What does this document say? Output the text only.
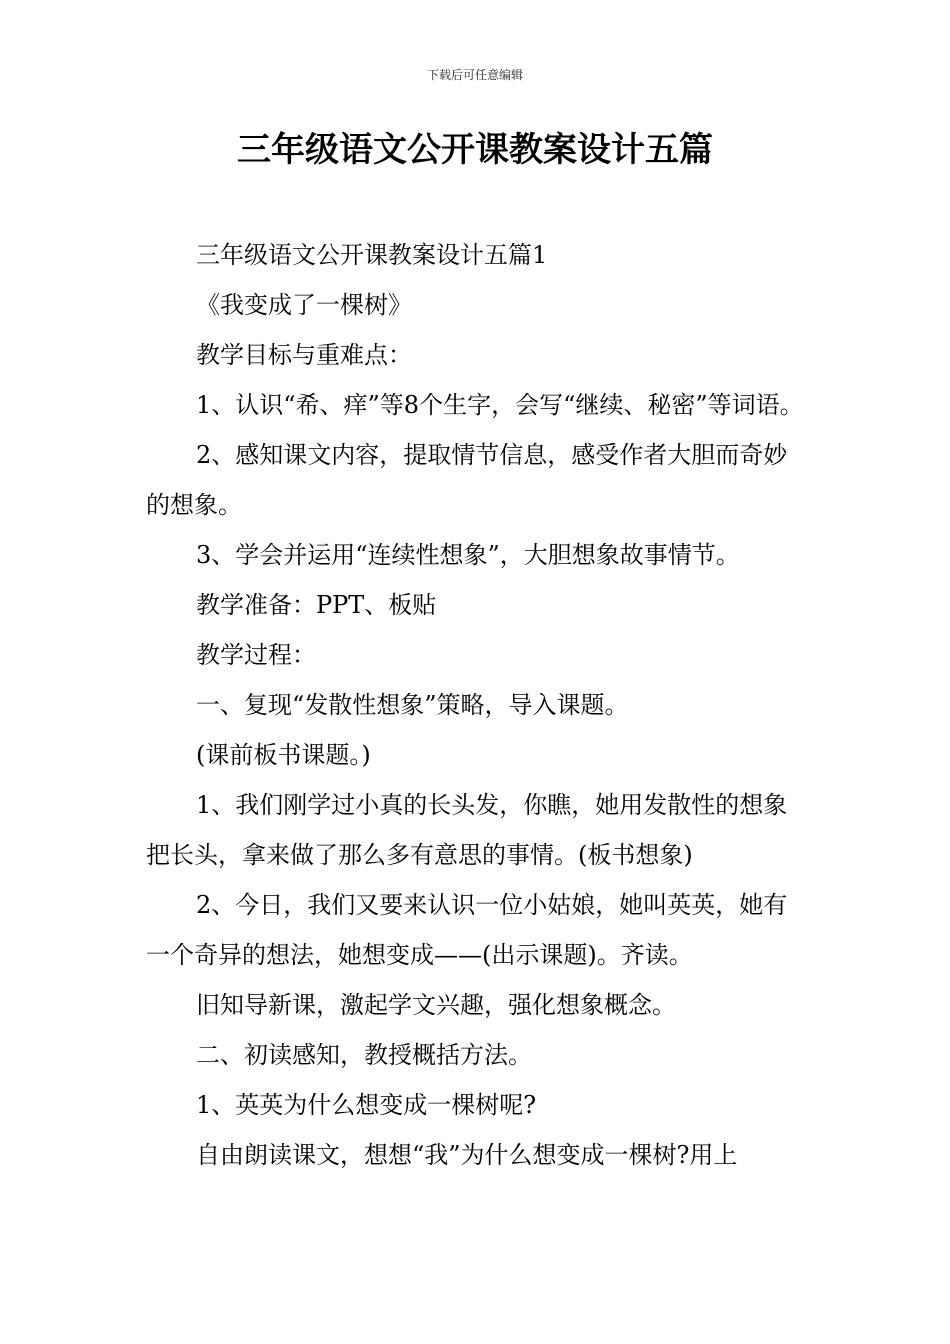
下载后可任意编辑
三年级语文公开课教案设计五篇

三年级语文公开课教案设计五篇1

《我变成了一棵树》

教学目标与重难点：

1、认识“希、痒”等8个生字，会写“继续、秘密”等词语。

2、感知课文内容，提取情节信息，感受作者大胆而奇妙的想象。

3、学会并运用“连续性想象”，大胆想象故事情节。

教学准备：PPT、板贴

教学过程：

一、复现“发散性想象”策略，导入课题。

(课前板书课题。)

1、我们刚学过小真的长头发，你瞧，她用发散性的想象把长头，拿来做了那么多有意思的事情。(板书想象)

2、今日，我们又要来认识一位小姑娘，她叫英英，她有一个奇异的想法，她想变成——(出示课题)。齐读。

旧知导新课，激起学文兴趣，强化想象概念。

二、初读感知，教授概括方法。

1、英英为什么想变成一棵树呢?

自由朗读课文，想想“我”为什么想变成一棵树?用上
